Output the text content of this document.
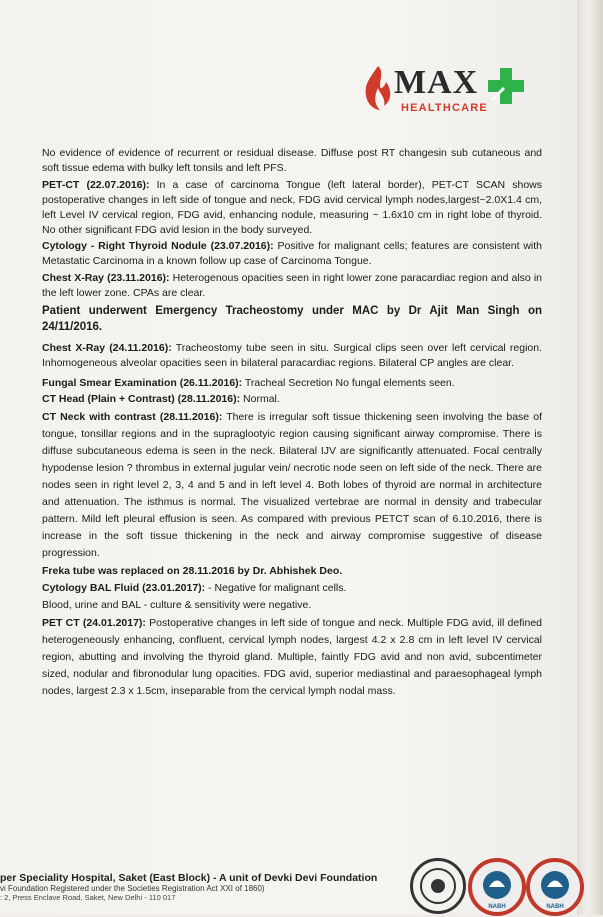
MAX
HEALTHCARE

No evidence of evidence of recurrent or residual disease. Diffuse post RT changesin sub cutaneous and soft tissue edema with bulky left tonsils and left PFS.

PET-CT (22.07.2016): In a case of carcinoma Tongue (left lateral border), PET-CT SCAN shows postoperative changes in left side of tongue and neck, FDG avid cervical lymph nodes,largest~2.0X1.4 cm, left Level IV cervical region, FDG avid, enhancing nodule, measuring ~ 1.6x10 cm in right lobe of thyroid. No other significant FDG avid lesion in the body surveyed.

Cytology - Right Thyroid Nodule (23.07.2016): Positive for malignant cells; features are consistent with Metastatic Carcinoma in a known follow up case of Carcinoma Tongue.

Chest X-Ray (23.11.2016): Heterogenous opacities seen in right lower zone paracardiac region and also in the left lower zone. CPAs are clear.

Patient underwent Emergency Tracheostomy under MAC by Dr Ajit Man Singh on 24/11/2016.

Chest X-Ray (24.11.2016): Tracheostomy tube seen in situ. Surgical clips seen over left cervical region. Inhomogeneous alveolar opacities seen in bilateral paracardiac regions. Bilateral CP angles are clear.

Fungal Smear Examination (26.11.2016): Tracheal Secretion No fungal elements seen.

CT Head (Plain + Contrast) (28.11.2016): Normal.

CT Neck with contrast (28.11.2016): There is irregular soft tissue thickening seen involving the base of tongue, tonsillar regions and in the supraglootyic region causing significant airway compromise. There is diffuse subcutaneous edema is seen in the neck. Bilateral IJV are significantly attenuated. Focal centrally hypodense lesion ? thrombus in external jugular vein/ necrotic node seen on left side of the neck. There are nodes seen in right level 2, 3, 4 and 5 and in left level 4. Both lobes of thyroid are normal in architecture and attenuation. The isthmus is normal. The visualized vertebrae are normal in density and trabecular pattern. Mild left pleural effusion is seen. As compared with previous PETCT scan of 6.10.2016, there is increase in the soft tissue thickening in the neck and airway compromise suggestive of disease progression.

Freka tube was replaced on 28.11.2016 by Dr. Abhishek Deo.

Cytology BAL Fluid (23.01.2017): - Negative for malignant cells.

Blood, urine and BAL - culture & sensitivity were negative.

PET CT (24.01.2017): Postoperative changes in left side of tongue and neck. Multiple FDG avid, ill defined heterogeneously enhancing, confluent, cervical lymph nodes, largest 4.2 x 2.8 cm in left level IV cervical region, abutting and involving the thyroid gland. Multiple, faintly FDG avid and non avid, subcentimeter sized, nodular and fibronodular lung opacities. FDG avid, superior mediastinal and paraesophageal lymph nodes, largest 2.3 x 1.5cm, inseparable from the cervical lymph nodal mass.

per Speciality Hospital, Saket (East Block) - A unit of Devki Devi Foundation
vi Foundation Registered under the Societies Registration Act XXI of 1860)
: 2, Press Enclave Road, Saket, New Delhi - 110 017
NABH	NABH
